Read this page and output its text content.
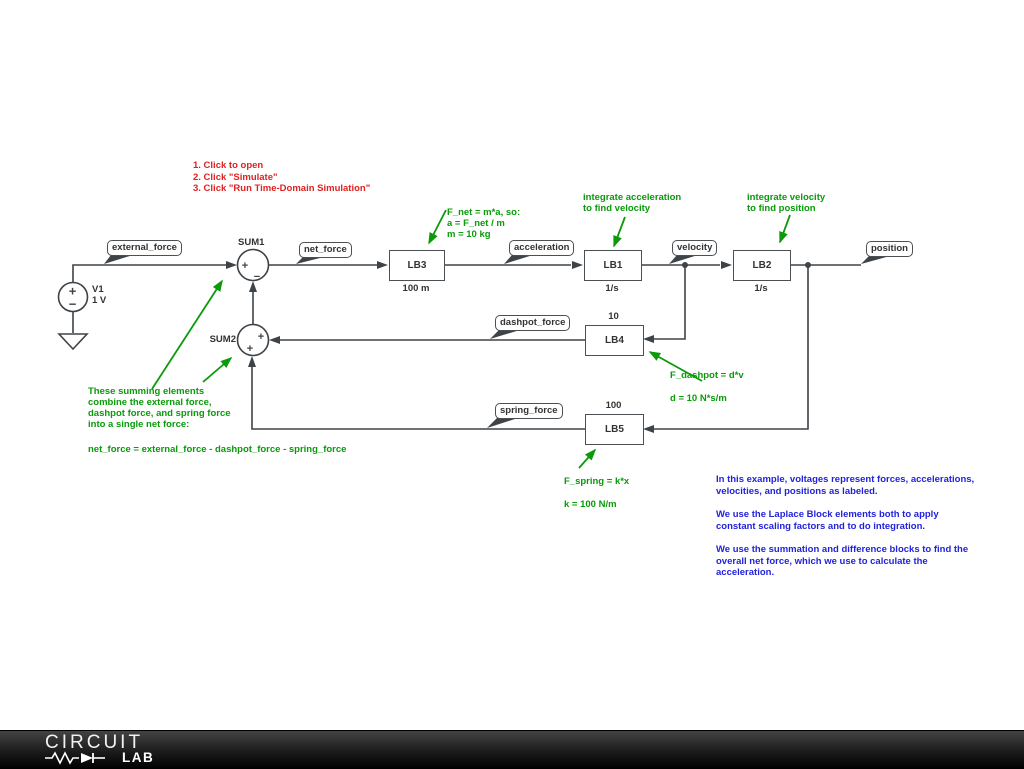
+
−
+
−
+
+
external_force	net_force	acceleration	velocity	position
dashpot_force
spring_force
LB3
100 m
LB1
1/s
LB2
1/s
LB4
10
LB5
100
SUM1
SUM2
V1
1 V
1. Click to open
2. Click "Simulate"
3. Click "Run Time-Domain Simulation"
F_net = m*a, so:
a = F_net / m
m = 10 kg
integrate acceleration
to find velocity
integrate velocity
to find position
These summing elements
combine the external force,
dashpot force, and spring force
into a single net force:
net_force = external_force - dashpot_force - spring_force
F_dashpot = d*v
d = 10 N*s/m
F_spring = k*x
k = 100 N/m

In this example, voltages represent forces, accelerations, velocities, and positions as labeled.

We use the Laplace Block elements both to apply constant scaling factors and to do integration.

We use the summation and difference blocks to find the overall net force, which we use to calculate the acceleration.

CIRCUIT
LAB
